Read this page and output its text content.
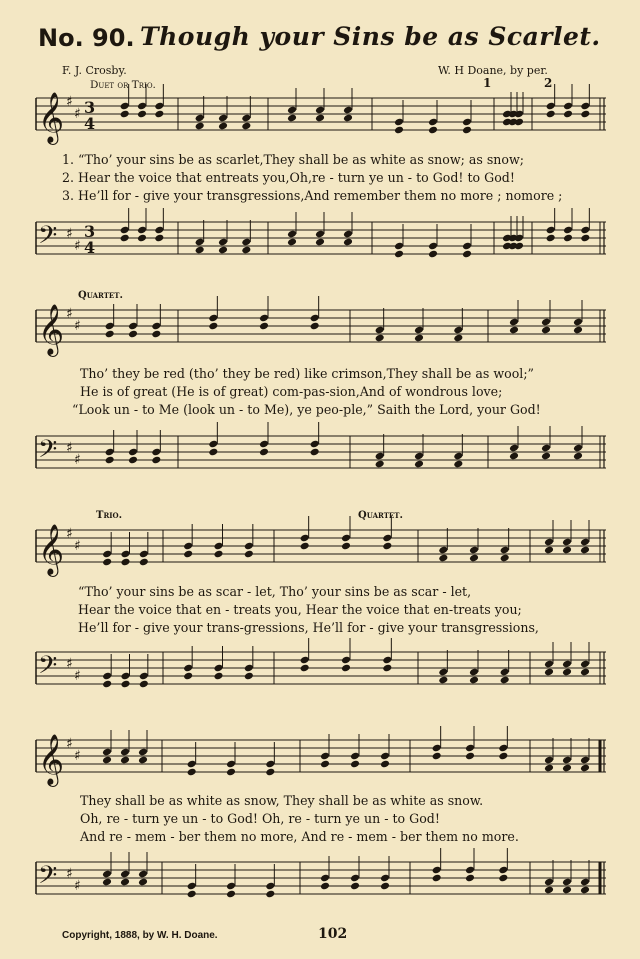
No. 90. Though your Sins be as Scarlet.
F. J. Crosby.	W. H Doane, by per.
Duet or Trio.	1	2
𝄞 ♯
♯ 3
4
1. “Tho’ your sins be as scarlet,They shall be as white as snow; as snow;
2. Hear the voice that entreats you,Oh,re - turn ye un - to God! to God!
3. He’ll for - give your transgressions,And remember them no more ; nomore ;
𝄢 ♯
♯
3
4
Quartet.
𝄞 ♯
♯
Tho’ they be red (tho’ they be red) like crimson,They shall be as wool;”
He is of great (He is of great) com-pas-sion,And of wondrous love;
“Look un - to Me (look un - to Me), ye peo-ple,” Saith the Lord, your God!
𝄢 ♯
♯
Trio.	Quartet.
𝄞 ♯
♯
“Tho’ your sins be as scar - let, Tho’ your sins be as scar - let,
Hear the voice that en - treats you, Hear the voice that en-treats you;
He’ll for - give your trans-gressions, He’ll for - give your transgressions,
𝄢 ♯
♯
𝄞 ♯
♯
They shall be as white as snow, They shall be as white as snow.
Oh, re - turn ye un - to God! Oh, re - turn ye un - to God!
And re - mem - ber them no more, And re - mem - ber them no more.
𝄢 ♯
♯
Copyright, 1888, by W. H. Doane.	102
